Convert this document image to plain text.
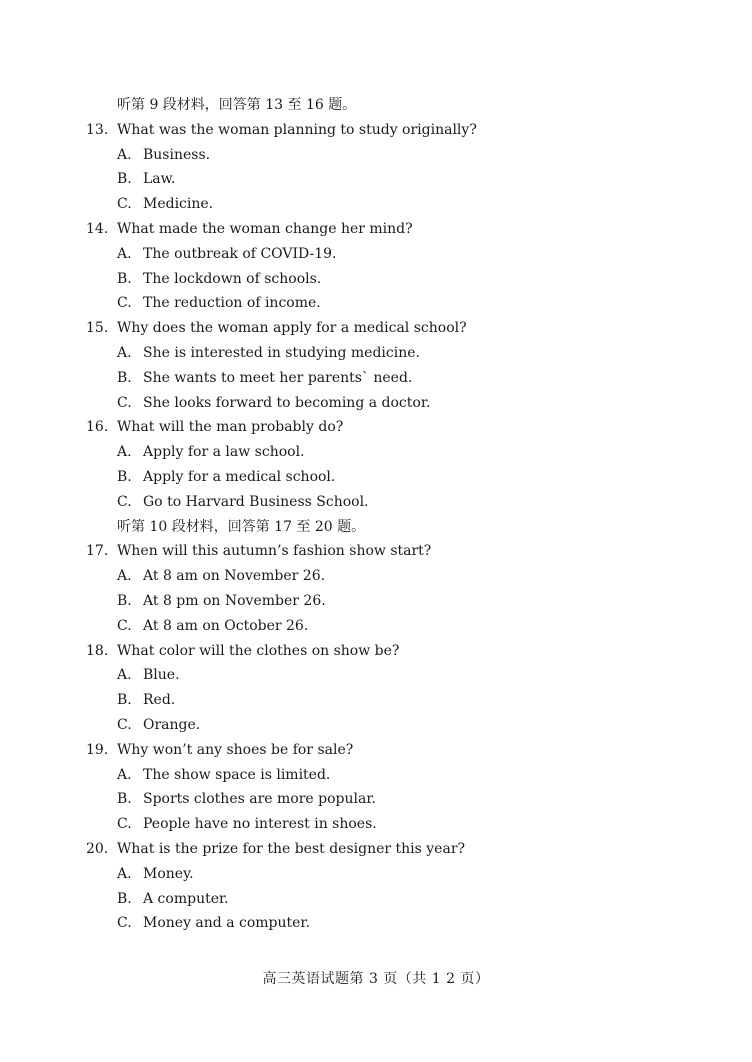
听第 9 段材料，回答第 13 至 16 题。
13. What was the woman planning to study originally?
A. Business.
B. Law.
C. Medicine.
14. What made the woman change her mind?
A. The outbreak of COVID-19.
B. The lockdown of schools.
C. The reduction of income.
15. Why does the woman apply for a medical school?
A. She is interested in studying medicine.
B. She wants to meet her parents` need.
C. She looks forward to becoming a doctor.
16. What will the man probably do?
A. Apply for a law school.
B. Apply for a medical school.
C. Go to Harvard Business School.
听第 10 段材料，回答第 17 至 20 题。
17. When will this autumn’s fashion show start?
A. At 8 am on November 26.
B. At 8 pm on November 26.
C. At 8 am on October 26.
18. What color will the clothes on show be?
A. Blue.
B. Red.
C. Orange.
19. Why won’t any shoes be for sale?
A. The show space is limited.
B. Sports clothes are more popular.
C. People have no interest in shoes.
20. What is the prize for the best designer this year?
A. Money.
B. A computer.
C. Money and a computer.
高三英语试题第 3 页（共 1 2 页）
